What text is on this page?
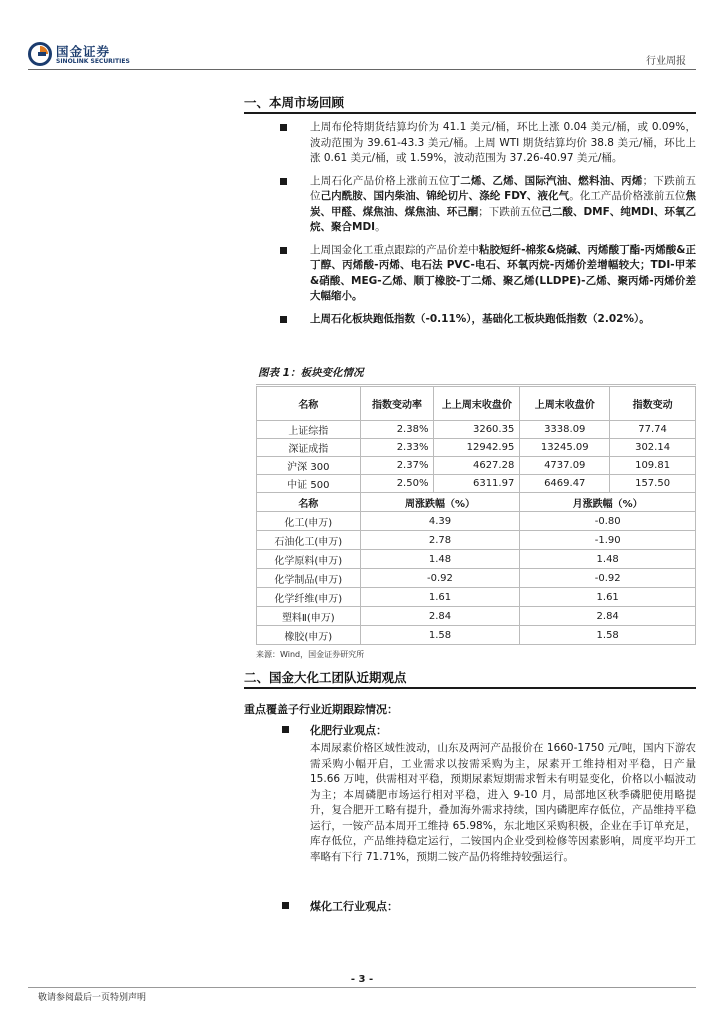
国金证券
SINOLINK SECURITIES	行业周报
一、本周市场回顾
上周布伦特期货结算均价为 41.1 美元/桶，环比上涨 0.04 美元/桶，或 0.09%，波动范围为 39.61-43.3 美元/桶。上周 WTI 期货结算均价 38.8 美元/桶，环比上涨 0.61 美元/桶，或 1.59%，波动范围为 37.26-40.97 美元/桶。
上周石化产品价格上涨前五位丁二烯、乙烯、国际汽油、燃料油、丙烯；下跌前五位己内酰胺、国内柴油、锦纶切片、涤纶 FDY、液化气。化工产品价格涨前五位焦炭、甲醛、煤焦油、煤焦油、环己酮；下跌前五位己二酸、DMF、纯MDI、环氧乙烷、聚合MDI。
上周国金化工重点跟踪的产品价差中粘胶短纤-棉浆&烧碱、丙烯酸丁酯-丙烯酸&正丁醇、丙烯酸-丙烯、电石法 PVC-电石、环氧丙烷-丙烯价差增幅较大；TDI-甲苯&硝酸、MEG-乙烯、顺丁橡胶-丁二烯、聚乙烯(LLDPE)-乙烯、聚丙烯-丙烯价差大幅缩小。
上周石化板块跑低指数（-0.11%），基础化工板块跑低指数（2.02%）。
图表 1：板块变化情况
名称	指数变动率	上上周末收盘价	上周末收盘价	指数变动
上证综指	2.38%	3260.35	3338.09	77.74
深证成指	2.33%	12942.95	13245.09	302.14
沪深 300	2.37%	4627.28	4737.09	109.81
中证 500	2.50%	6311.97	6469.47	157.50
名称	周涨跌幅（%）		月涨跌幅（%）	
化工(申万)	4.39		-0.80	
石油化工(申万)	2.78		-1.90	
化学原料(申万)	1.48		1.48	
化学制品(申万)	-0.92		-0.92	
化学纤维(申万)	1.61		1.61	
塑料Ⅱ(申万)	2.84		2.84	
橡胶(申万)	1.58		1.58	
来源：Wind，国金证券研究所
二、国金大化工团队近期观点
重点覆盖子行业近期跟踪情况：
化肥行业观点：
本周尿素价格区域性波动，山东及两河产品报价在 1660-1750 元/吨，国内下游农需采购小幅开启，工业需求以按需采购为主，尿素开工维持相对平稳，日产量 15.66 万吨，供需相对平稳，预期尿素短期需求暂未有明显变化，价格以小幅波动为主；本周磷肥市场运行相对平稳，进入 9-10 月，局部地区秋季磷肥使用略提升，复合肥开工略有提升，叠加海外需求持续，国内磷肥库存低位，产品维持平稳运行，一铵产品本周开工维持 65.98%，东北地区采购积极，企业在手订单充足，库存低位，产品维持稳定运行，二铵国内企业受到检修等因素影响，周度平均开工率略有下行 71.71%，预期二铵产品仍将维持较强运行。
煤化工行业观点：
- 3 -
敬请参阅最后一页特别声明
